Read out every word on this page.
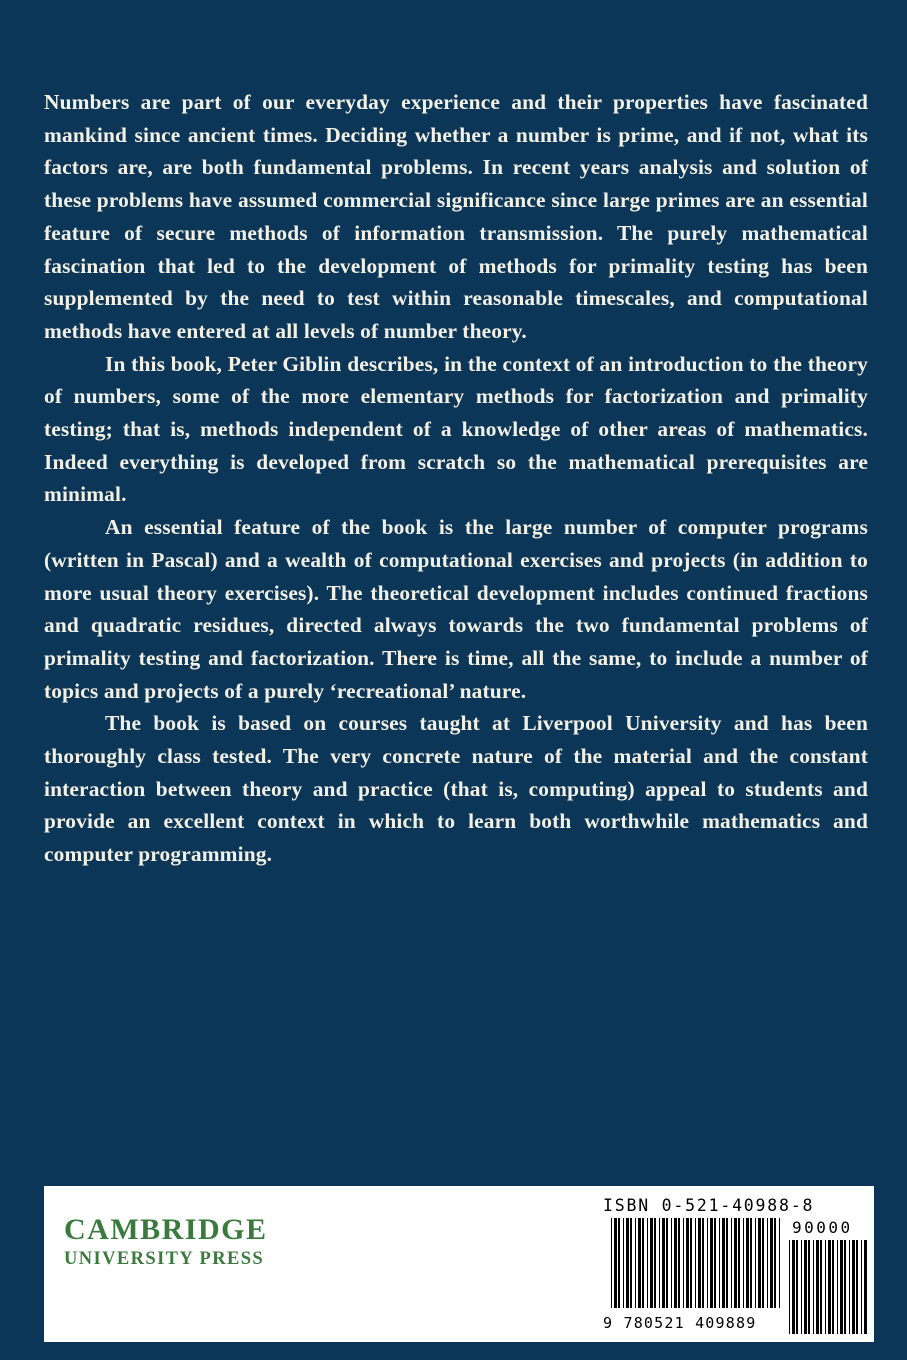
Numbers are part of our everyday experience and their properties have fascinated mankind since ancient times. Deciding whether a number is prime, and if not, what its factors are, are both fundamental problems. In recent years analysis and solution of these problems have assumed commercial significance since large primes are an essential feature of secure methods of information transmission. The purely mathematical fascination that led to the development of methods for primality testing has been supplemented by the need to test within reasonable timescales, and computational methods have entered at all levels of number theory.

In this book, Peter Giblin describes, in the context of an introduction to the theory of numbers, some of the more elementary methods for factorization and primality testing; that is, methods independent of a knowledge of other areas of mathematics. Indeed everything is developed from scratch so the mathematical prerequisites are minimal.

An essential feature of the book is the large number of computer programs (written in Pascal) and a wealth of computational exercises and projects (in addition to more usual theory exercises). The theoretical development includes continued fractions and quadratic residues, directed always towards the two fundamental problems of primality testing and factorization. There is time, all the same, to include a number of topics and projects of a purely ‘recreational’ nature.

The book is based on courses taught at Liverpool University and has been thoroughly class tested. The very concrete nature of the material and the constant interaction between theory and practice (that is, computing) appeal to students and provide an excellent context in which to learn both worthwhile mathematics and computer programming.

CAMBRIDGE
UNIVERSITY PRESS
ISBN 0-521-40988-8
90000
9 780521 409889
